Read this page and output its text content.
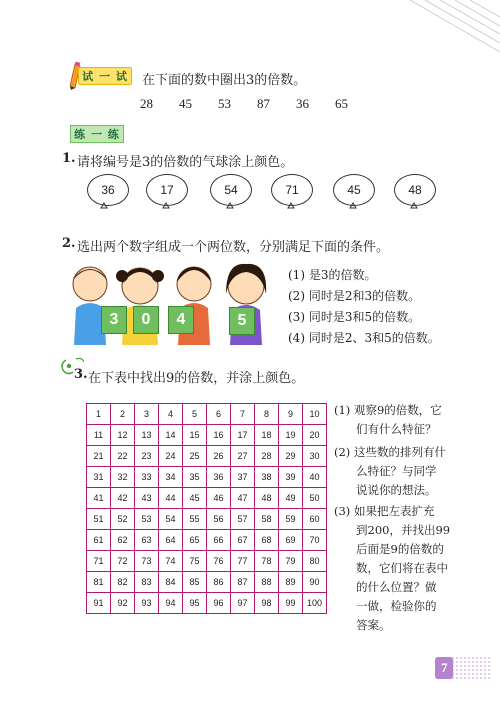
试 一 试	在下面的数中圈出3的倍数。
28	45	53	87	36	65
练 一 练
1. 请将编号是3的倍数的气球涂上颜色。
36	17	54	71	45	48
2. 选出两个数字组成一个两位数，分别满足下面的条件。
3	0	4	5
(1) 是3的倍数。
(2) 同时是2和3的倍数。
(3) 同时是3和5的倍数。
(4) 同时是2、3和5的倍数。
3. 在下表中找出9的倍数，并涂上颜色。
1	2	3	4	5	6	7	8	9	10
11	12	13	14	15	16	17	18	19	20
21	22	23	24	25	26	27	28	29	30
31	32	33	34	35	36	37	38	39	40
41	42	43	44	45	46	47	48	49	50
51	52	53	54	55	56	57	58	59	60
61	62	63	64	65	66	67	68	69	70
71	72	73	74	75	76	77	78	79	80
81	82	83	84	85	86	87	88	89	90
91	92	93	94	95	96	97	98	99	100
(1) 观察9的倍数，它
们有什么特征？
(2) 这些数的排列有什
么特征？与同学
说说你的想法。
(3) 如果把左表扩充
到200，并找出99
后面是9的倍数的
数，它们将在表中
的什么位置？做
一做，检验你的
答案。
7
